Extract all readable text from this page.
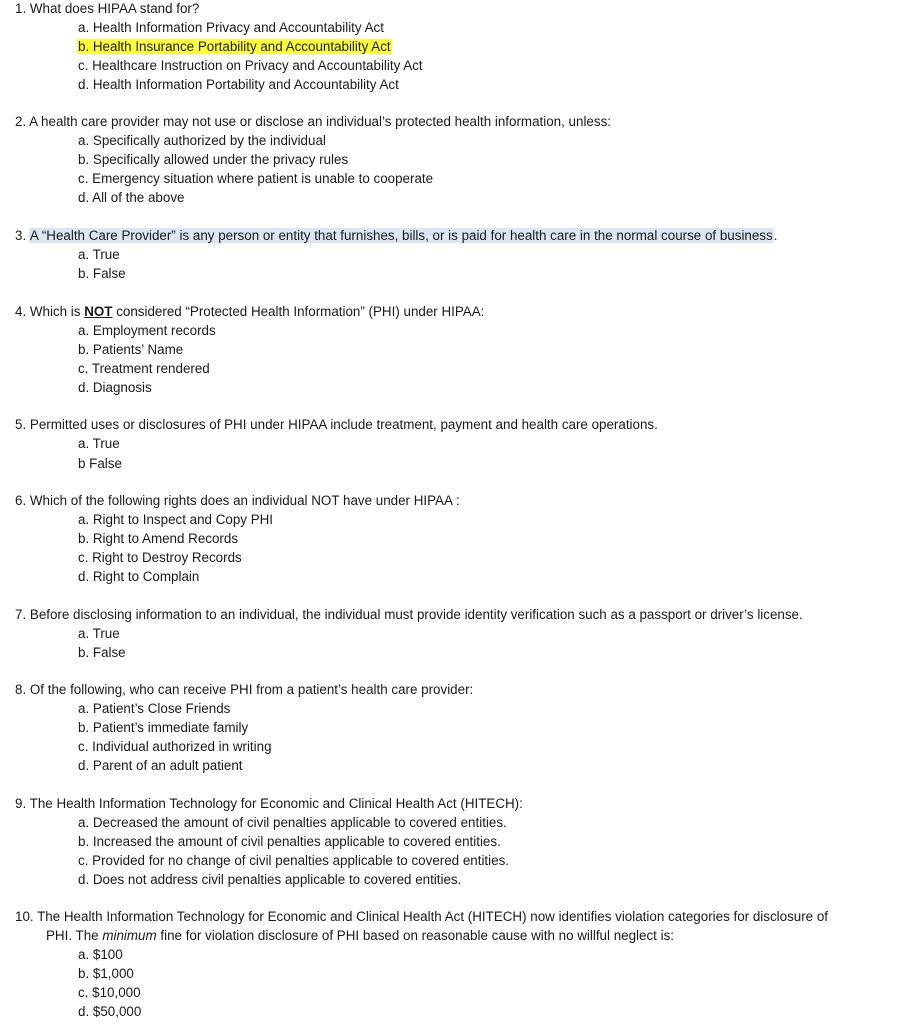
1. What does HIPAA stand for?
a. Health Information Privacy and Accountability Act
b. Health Insurance Portability and Accountability Act
c. Healthcare Instruction on Privacy and Accountability Act
d. Health Information Portability and Accountability Act
2. A health care provider may not use or disclose an individual’s protected health information, unless:
a. Specifically authorized by the individual
b. Specifically allowed under the privacy rules
c. Emergency situation where patient is unable to cooperate
d. All of the above
3. A “Health Care Provider” is any person or entity that furnishes, bills, or is paid for health care in the normal course of business.
a. True
b. False
4. Which is NOT considered “Protected Health Information” (PHI) under HIPAA:
a. Employment records
b. Patients’ Name
c. Treatment rendered
d. Diagnosis
5. Permitted uses or disclosures of PHI under HIPAA include treatment, payment and health care operations.
a. True
b False
6. Which of the following rights does an individual NOT have under HIPAA :
a. Right to Inspect and Copy PHI
b. Right to Amend Records
c. Right to Destroy Records
d. Right to Complain
7. Before disclosing information to an individual, the individual must provide identity verification such as a passport or driver’s license.
a. True
b. False
8. Of the following, who can receive PHI from a patient’s health care provider:
a. Patient’s Close Friends
b. Patient’s immediate family
c. Individual authorized in writing
d. Parent of an adult patient
9. The Health Information Technology for Economic and Clinical Health Act (HITECH):
a. Decreased the amount of civil penalties applicable to covered entities.
b. Increased the amount of civil penalties applicable to covered entities.
c. Provided for no change of civil penalties applicable to covered entities.
d. Does not address civil penalties applicable to covered entities.
10. The Health Information Technology for Economic and Clinical Health Act (HITECH) now identifies violation categories for disclosure of
PHI. The minimum fine for violation disclosure of PHI based on reasonable cause with no willful neglect is:
a. $100
b. $1,000
c. $10,000
d. $50,000
